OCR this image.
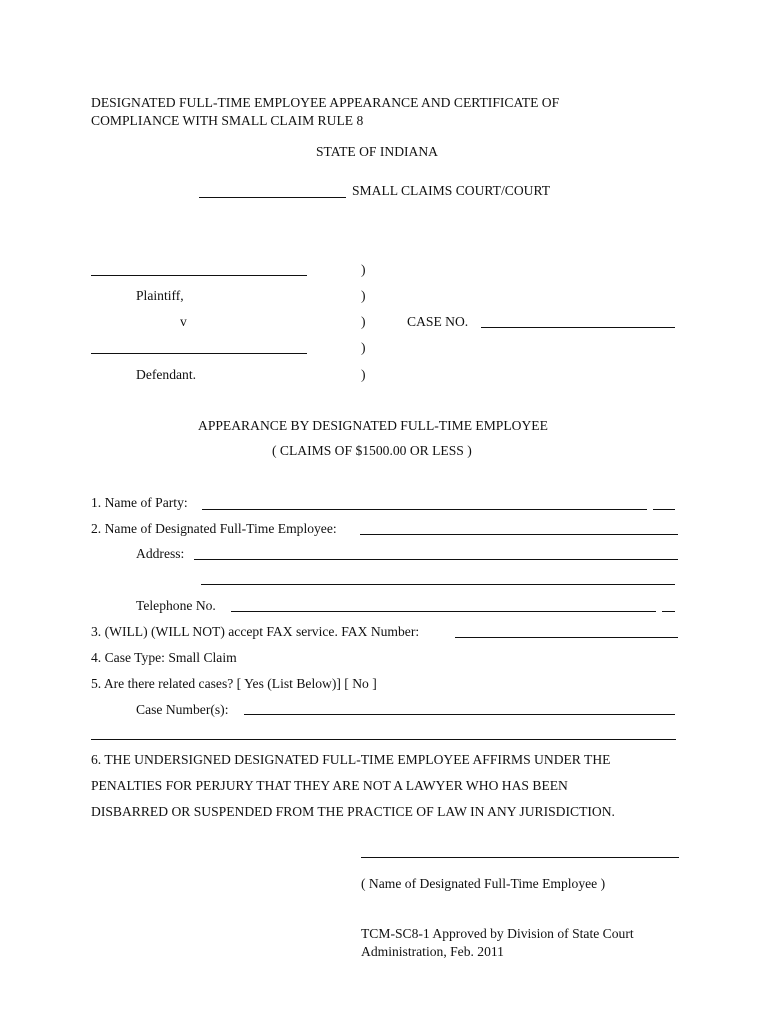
DESIGNATED FULL-TIME EMPLOYEE APPEARANCE AND CERTIFICATE OF
COMPLIANCE WITH SMALL CLAIM RULE 8
STATE OF INDIANA
SMALL CLAIMS COURT/COURT
Plaintiff,
v
Defendant.
)
)
)
)
)
CASE NO.
APPEARANCE BY DESIGNATED FULL-TIME EMPLOYEE
( CLAIMS OF $1500.00 OR LESS )
1. Name of Party:
2. Name of Designated Full-Time Employee:
Address:
Telephone No.
3. (WILL) (WILL NOT) accept FAX service. FAX Number:
4. Case Type: Small Claim
5. Are there related cases? [ Yes (List Below)] [ No ]
Case Number(s):
6. THE UNDERSIGNED DESIGNATED FULL-TIME EMPLOYEE AFFIRMS UNDER THE
PENALTIES FOR PERJURY THAT THEY ARE NOT A LAWYER WHO HAS BEEN
DISBARRED OR SUSPENDED FROM THE PRACTICE OF LAW IN ANY JURISDICTION.
( Name of Designated Full-Time Employee )
TCM-SC8-1 Approved by Division of State Court
Administration, Feb. 2011
